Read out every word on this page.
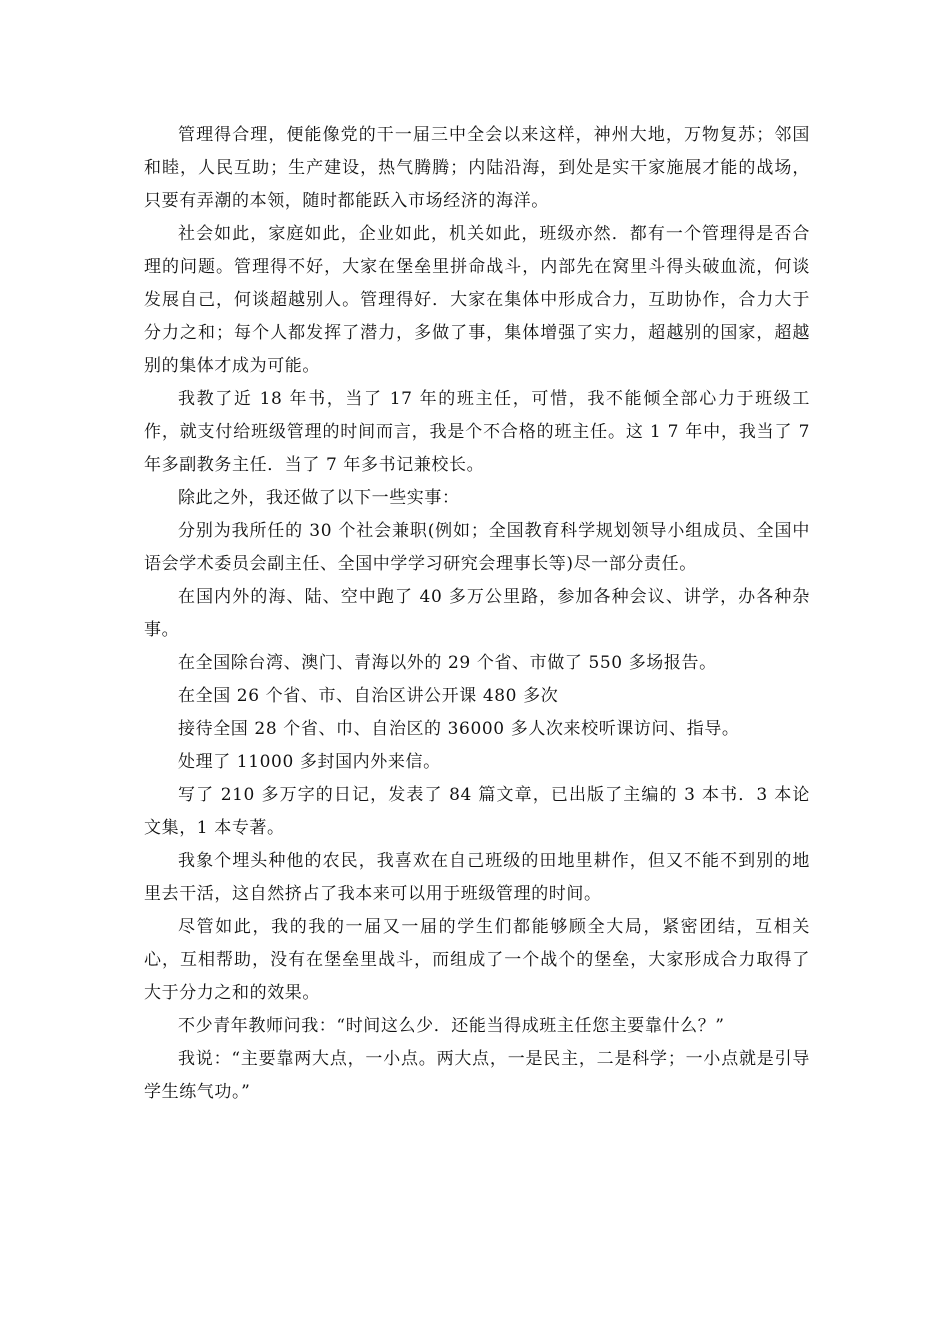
管理得合理，便能像党的干一届三中全会以来这样，神州大地，万物复苏；邻国和睦，人民互助；生产建设，热气腾腾；内陆沿海，到处是实干家施展才能的战场，只要有弄潮的本领，随时都能跃入市场经济的海洋。

社会如此，家庭如此，企业如此，机关如此，班级亦然．都有一个管理得是否合理的问题。管理得不好，大家在堡垒里拼命战斗，内部先在窝里斗得头破血流，何谈发展自己，何谈超越别人。管理得好．大家在集体中形成合力，互助协作，合力大于分力之和；每个人都发挥了潜力，多做了事，集体增强了实力，超越别的国家，超越别的集体才成为可能。

我教了近 18 年书，当了 17 年的班主任，可惜，我不能倾全部心力于班级工作，就支付给班级管理的时间而言，我是个不合格的班主任。这 1 7 年中，我当了 7 年多副教务主任．当了 7 年多书记兼校长。

除此之外，我还做了以下一些实事：

分别为我所任的 30 个社会兼职(例如；全国教育科学规划领导小组成员、全国中语会学术委员会副主任、全国中学学习研究会理事长等)尽一部分责任。

在国内外的海、陆、空中跑了 40 多万公里路，参加各种会议、讲学，办各种杂事。

在全国除台湾、澳门、青海以外的 29 个省、市做了 550 多场报告。

在全国 26 个省、市、自治区讲公开课 480 多次

接待全国 28 个省、巾、自治区的 36000 多人次来校听课访问、指导。

处理了 11000 多封国内外来信。

写了 210 多万字的日记，发表了 84 篇文章，已出版了主编的 3 本书．3 本论文集，1 本专著。

我象个埋头种他的农民，我喜欢在自己班级的田地里耕作，但又不能不到别的地里去干活，这自然挤占了我本来可以用于班级管理的时间。

尽管如此，我的我的一届又一届的学生们都能够顾全大局，紧密团结，互相关心，互相帮助，没有在堡垒里战斗，而组成了一个战个的堡垒，大家形成合力取得了大于分力之和的效果。

不少青年教师问我：“时间这么少．还能当得成班主任您主要靠什么？”

我说：“主要靠两大点，一小点。两大点，一是民主，二是科学；一小点就是引导学生练气功。”
